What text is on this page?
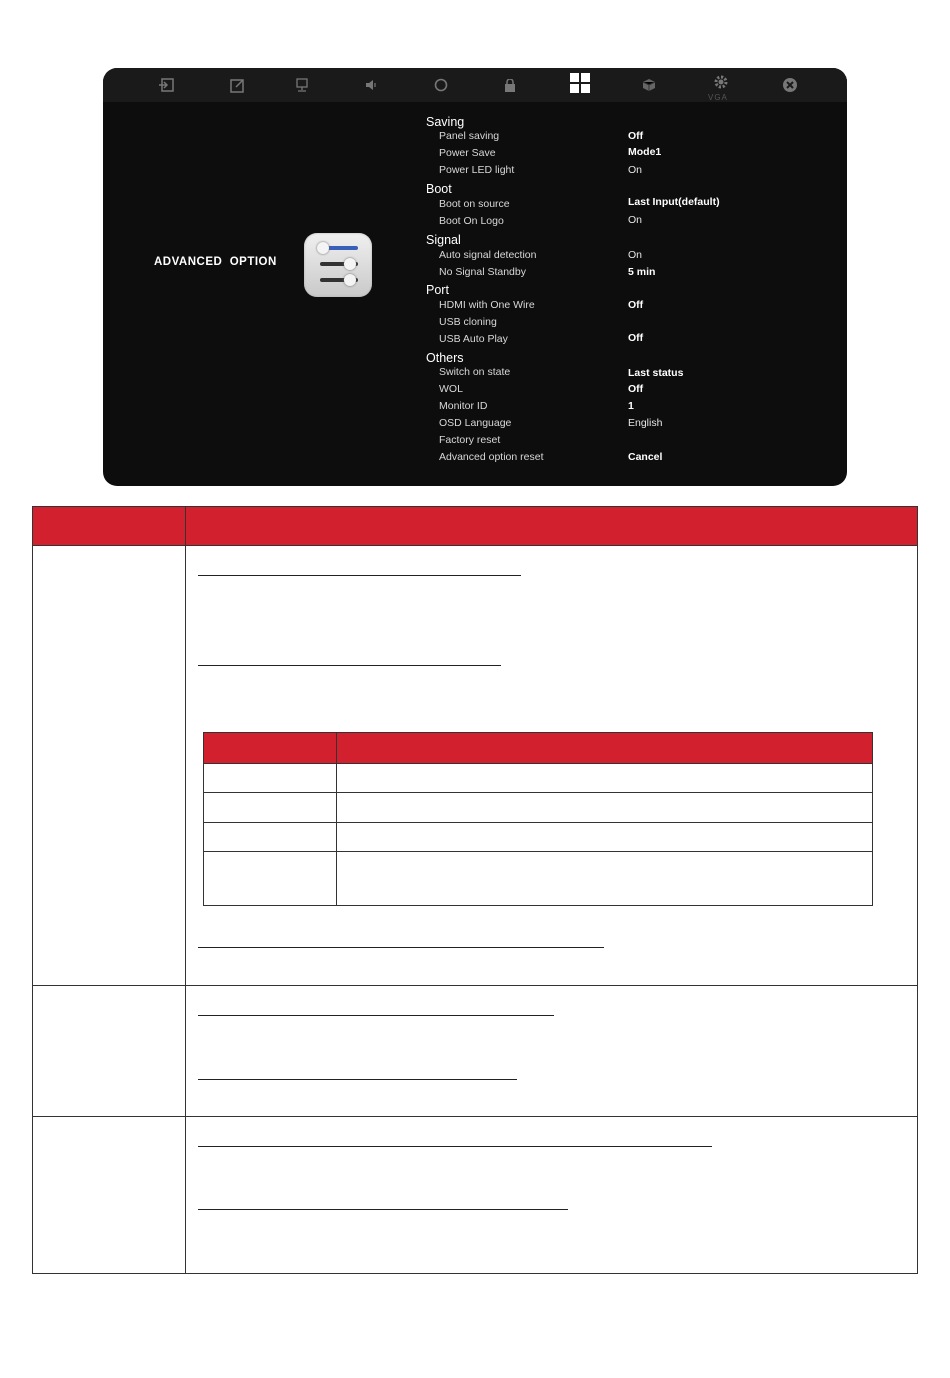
VGA
ADVANCED  OPTION
Saving
Panel saving	Off
Power Save	Mode1
Power LED light	On
Boot
Boot on source	Last Input(default)
Boot On Logo	On
Signal
Auto signal detection	On
No Signal Standby	5 min
Port
HDMI with One Wire	Off
USB cloning
USB Auto Play	Off
Others
Switch on state	Last status
WOL	Off
Monitor ID	1
OSD Language	English
Factory reset
Advanced option reset	Cancel
